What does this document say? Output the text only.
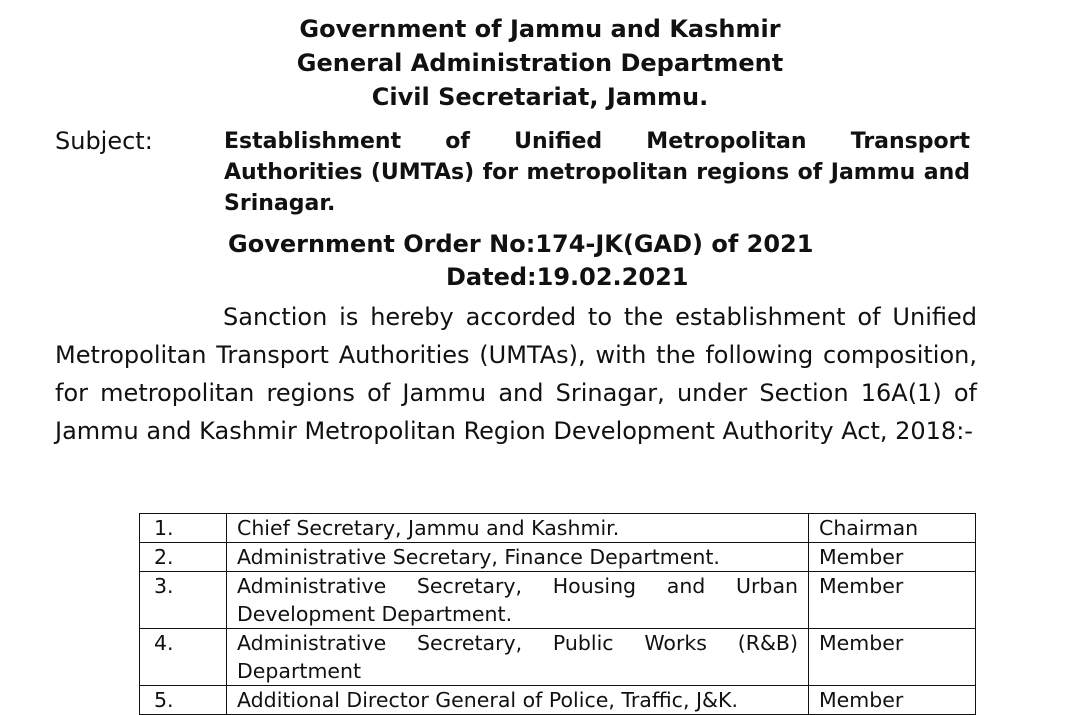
Government of Jammu and Kashmir
General Administration Department
Civil Secretariat, Jammu.
Subject:	Establishment of Unified Metropolitan Transport Authorities (UMTAs) for metropolitan regions of Jammu and Srinagar.
Government Order No:174-JK(GAD) of 2021
Dated:19.02.2021
Sanction is hereby accorded to the establishment of Unified Metropolitan Transport Authorities (UMTAs), with the following composition, for metropolitan regions of Jammu and Srinagar, under Section 16A(1) of Jammu and Kashmir Metropolitan Region Development Authority Act, 2018:-
1.	Chief Secretary, Jammu and Kashmir.	Chairman
2.	Administrative Secretary, Finance Department.	Member
3.	Administrative Secretary, Housing and Urban Development Department.	Member
4.	Administrative Secretary, Public Works (R&B) Department	Member
5.	Additional Director General of Police, Traffic, J&K.	Member
